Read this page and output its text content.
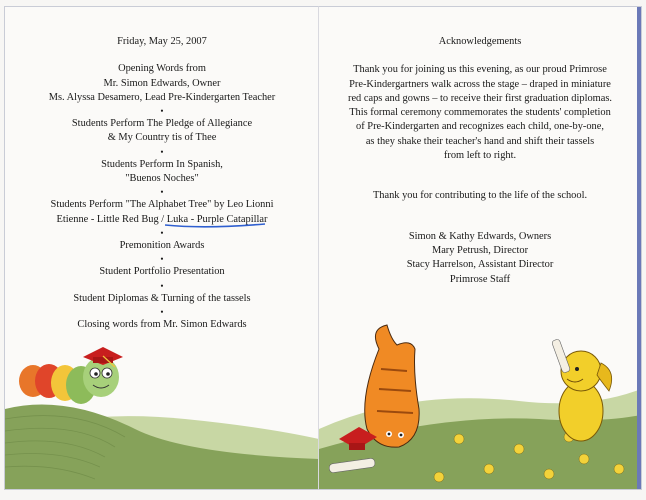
Friday, May 25, 2007

Opening Words from

Mr. Simon Edwards, Owner

Ms. Alyssa Desamero, Lead Pre-Kindergarten Teacher

•

Students Perform The Pledge of Allegiance

& My Country tis of Thee

•

Students Perform In Spanish,

"Buenos Noches"

•

Students Perform "The Alphabet Tree" by Leo Lionni

Etienne - Little Red Bug / Luka - Purple Catapillar

•

Premonition Awards

•

Student Portfolio Presentation

•

Student Diplomas & Turning of the tassels

•

Closing words from Mr. Simon Edwards

Acknowledgements

Thank you for joining us this evening, as our proud Primrose

Pre-Kindergartners walk across the stage – draped in miniature

red caps and gowns – to receive their first graduation diplomas.

This formal ceremony commemorates the students' completion

of Pre-Kindergarten and recognizes each child, one-by-one,

as they shake their teacher's hand and shift their tassels

from left to right.

Thank you for contributing to the life of the school.

Simon & Kathy Edwards, Owners

Mary Petrush, Director

Stacy Harrelson, Assistant Director

Primrose Staff
